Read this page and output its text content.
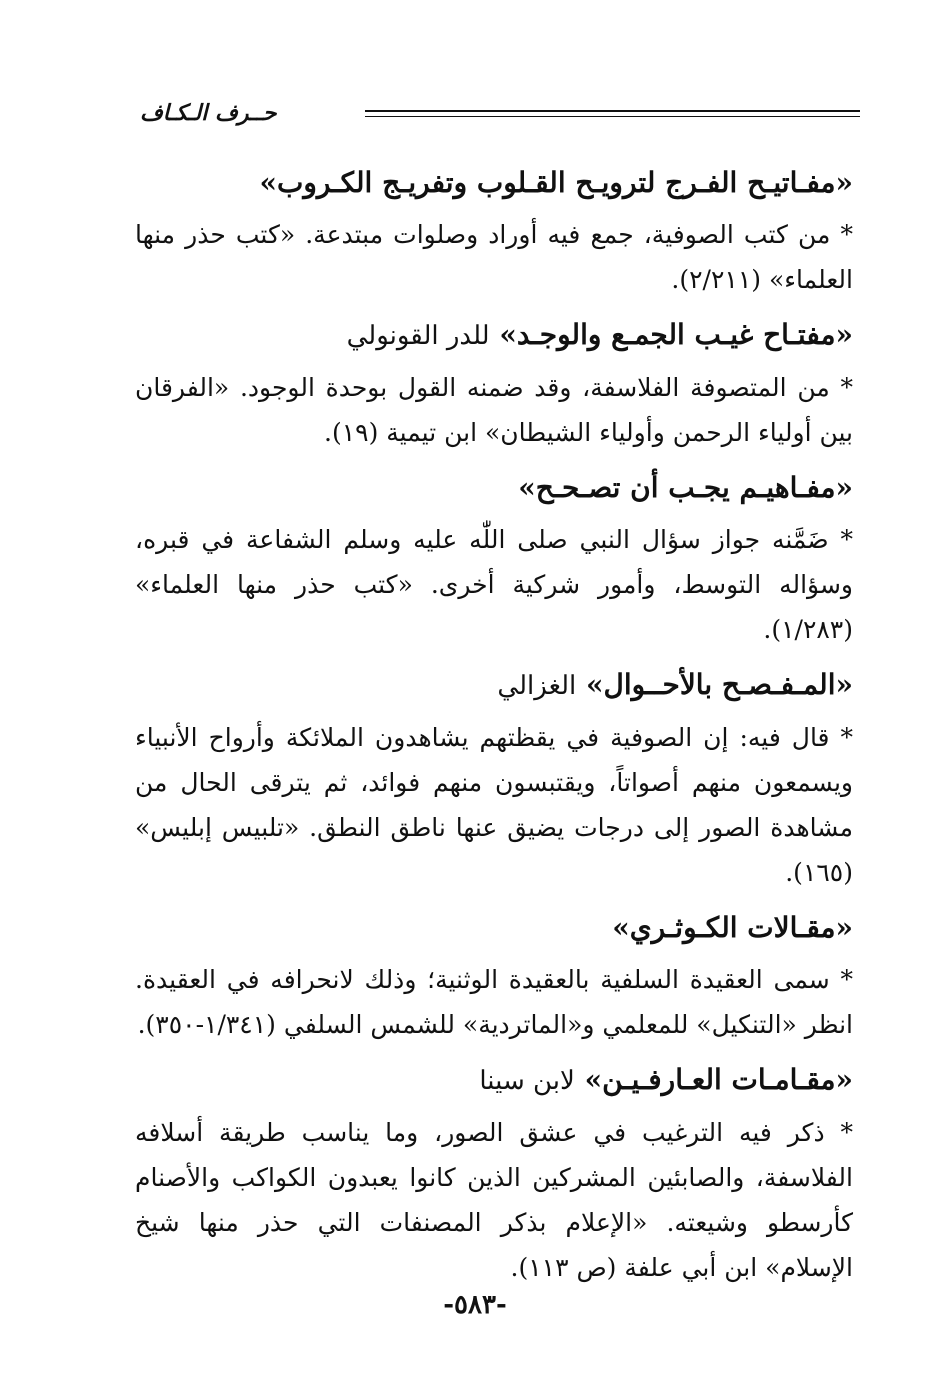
حــرف الـكـاف

«مفـاتيـح الفـرج لترويـح القـلوب وتفريـج الكـروب»

* من كتب الصوفية، جمع فيه أوراد وصلوات مبتدعة. «كتب حذر منها العلماء» (٢/٢١١).

«مفتـاح غيـب الجمـع والوجـد» للدر القونولي

* من المتصوفة الفلاسفة، وقد ضمنه القول بوحدة الوجود. «الفرقان بين أولياء الرحمن وأولياء الشيطان» ابن تيمية (١٩).

«مفـاهيـم يجـب أن تصـحـح»

* ضَمَّنه جواز سؤال النبي صلى اللّٰه عليه وسلم الشفاعة في قبره، وسؤاله التوسط، وأمور شركية أخرى. «كتب حذر منها العلماء» (١/٢٨٣).

«المـفـصـح بالأحــوال» الغزالي

* قال فيه: إن الصوفية في يقظتهم يشاهدون الملائكة وأرواح الأنبياء ويسمعون منهم أصواتاً، ويقتبسون منهم فوائد، ثم يترقى الحال من مشاهدة الصور إلى درجات يضيق عنها ناطق النطق. «تلبيس إبليس» (١٦٥).

«مقـالات الكـوثـري»

* سمى العقيدة السلفية بالعقيدة الوثنية؛ وذلك لانحرافه في العقيدة. انظر «التنكيل» للمعلمي و«الماتردية» للشمس السلفي (١/٣٤١-٣٥٠).

«مقـامـات العـارفـيـن» لابن سينا

* ذكر فيه الترغيب في عشق الصور، وما يناسب طريقة أسلافه الفلاسفة، والصابئين المشركين الذين كانوا يعبدون الكواكب والأصنام كأرسطو وشيعته. «الإعلام بذكر المصنفات التي حذر منها شيخ الإسلام» ابن أبي علفة (ص ١١٣).

-٥٨٣-
